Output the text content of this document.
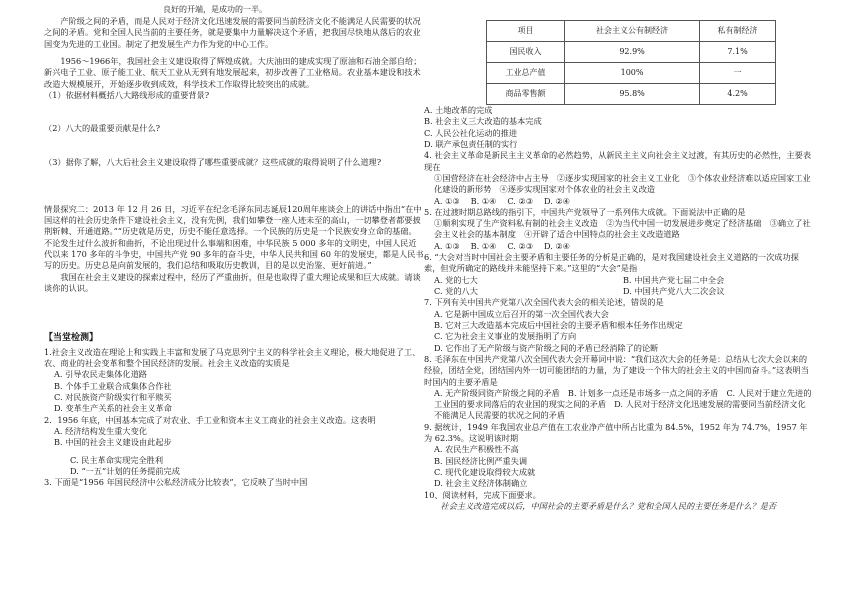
良好的开端，是成功的一半。

产阶级之间的矛盾，而是人民对于经济文化迅速发展的需要同当前经济文化不能满足人民需要的状况之间的矛盾。党和全国人民当前的主要任务，就是要集中力量解决这个矛盾，把我国尽快地从落后的农业国变为先进的工业国。制定了把发展生产力作为党的中心工作。

1956～1966年，我国社会主义建设取得了辉煌成就。大庆油田的建成实现了原油和石油全部自给；新兴电子工业、原子能工业、航天工业从无到有地发展起来，初步改善了工业格局。农业基本建设和技术改造大规模展开，开始逐步收到成效，科学技术工作取得比较突出的成就。

（1）依据材料概括八大路线形成的重要背景?

（2）八大的最重要贡献是什么?

（3）据你了解，八大后社会主义建设取得了哪些重要成就？这些成就的取得说明了什么道理?

情景探究二：2013 年 12 月 26 日，习近平在纪念毛泽东同志诞辰120周年座谈会上的讲话中指出“在中国这样的社会历史条件下建设社会主义，没有先例，我们如攀登一座人迹未至的高山，一切攀登者都要披荆斩棘、开通道路。”“历史就是历史，历史不能任意选择。一个民族的历史是一个民族安身立命的基础。不论发生过什么波折和曲折，不论出现过什么事端和困难，中华民族 5 000 多年的文明史，中国人民近代以来 170 多年的斗争史，中国共产党 90 多年的奋斗史，中华人民共和国 60 年的发展史，都是人民书写的历史。历史总是向前发展的，我们总结和吸取历史教训，目的是以史治鉴、更好前进。”

我国在社会主义建设的探索过程中，经历了严重曲折，但是也取得了重大理论成果和巨大成就。请谈谈你的认识。

【当堂检测】

1.社会主义改造在理论上和实践上丰富和发展了马克思列宁主义的科学社会主义理论，极大地促进了工、农、商业的社会变革和整个国民经济的发展。社会主义改造的实质是

A. 引导农民走集体化道路

B. 个体手工业联合成集体合作社

C. 对民族资产阶级实行和平赎买

D. 变革生产关系的社会主义革命

2．1956 年底，中国基本完成了对农业、手工业和资本主义工商业的社会主义改造。这表明

A. 经济结构发生重大变化

B. 中国的社会主义建设由此起步

C. 民主革命实现完全胜利

D. “一五”计划的任务提前完成

3. 下面是“1956 年国民经济中公私经济成分比较表”，它反映了当时中国

项目	社会主义公有制经济	私有制经济
国民收入	92.9%	7.1%
工业总产值	100%	一
商品零售额	95.8%	4.2%

A. 土地改革的完成

B. 社会主义三大改造的基本完成

C. 人民公社化运动的推进

D. 联产承包责任制的实行

4. 社会主义革命是新民主主义革命的必然趋势，从新民主主义向社会主义过渡，有其历史的必然性，主要表现在

①国营经济在社会经济中占主导　②逐步实现国家的社会主义工业化　③个体农业经济难以适应国家工业化建设的新形势　④逐步实现国家对个体农业的社会主义改造

A. ①③  B. ①④  C. ②③  D. ②④

5. 在过渡时期总路线的指引下，中国共产党领导了一系列伟大成就。下面说法中正确的是

①顺利实现了生产资料私有制的社会主义改造　②为当代中国一切发展进步奠定了经济基础　③确立了社会主义社会的基本制度　④开辟了适合中国特点的社会主义改造道路

A. ①③  B. ①④  C. ②③  D. ②④

6. “大会对当时中国社会主要矛盾和主要任务的分析是正确的，是对我国建设社会主义道路的一次成功探索，但党所确定的路线并未能坚持下来。”这里的“大会”是指

A. 党的七大	B. 中国共产党七届二中全会
C. 党的八大	D. 中国共产党八大二次会议

7. 下列有关中国共产党第八次全国代表大会的相关论述，错误的是

A. 它是新中国成立后召开的第一次全国代表大会

B. 它对三大改造基本完成后中国社会的主要矛盾和根本任务作出规定

C. 它为社会主义事业的发展指明了方向

D. 它作出了无产阶级与资产阶级之间的矛盾已经消除了的论断

8. 毛泽东在中国共产党第八次全国代表大会开幕词中说：“我们这次大会的任务是：总结从七次大会以来的经验，团结全党，团结国内外一切可能团结的力量，为了建设一个伟大的社会主义的中国而奋斗。”这表明当时国内的主要矛盾是

A. 无产阶级同资产阶级之间的矛盾　B. 计划多一点还是市场多一点之间的矛盾　C. 人民对于建立先进的工业国的要求同落后的农业国的现实之间的矛盾　D. 人民对于经济文化迅速发展的需要同当前经济文化不能满足人民需要的状况之间的矛盾

9. 据统计，1949 年我国农业总产值在工农业净产值中所占比重为 84.5%，1952 年为 74.7%，1957 年为 62.3%。这说明该时期

A. 农民生产积极性不高

B. 国民经济比例严重失调

C. 现代化建设取得较大成就

D. 社会主义经济体制确立

10、阅读材料，完成下面要求。

社会主义改造完成以后，中国社会的主要矛盾是什么？党和全国人民的主要任务是什么？是否
